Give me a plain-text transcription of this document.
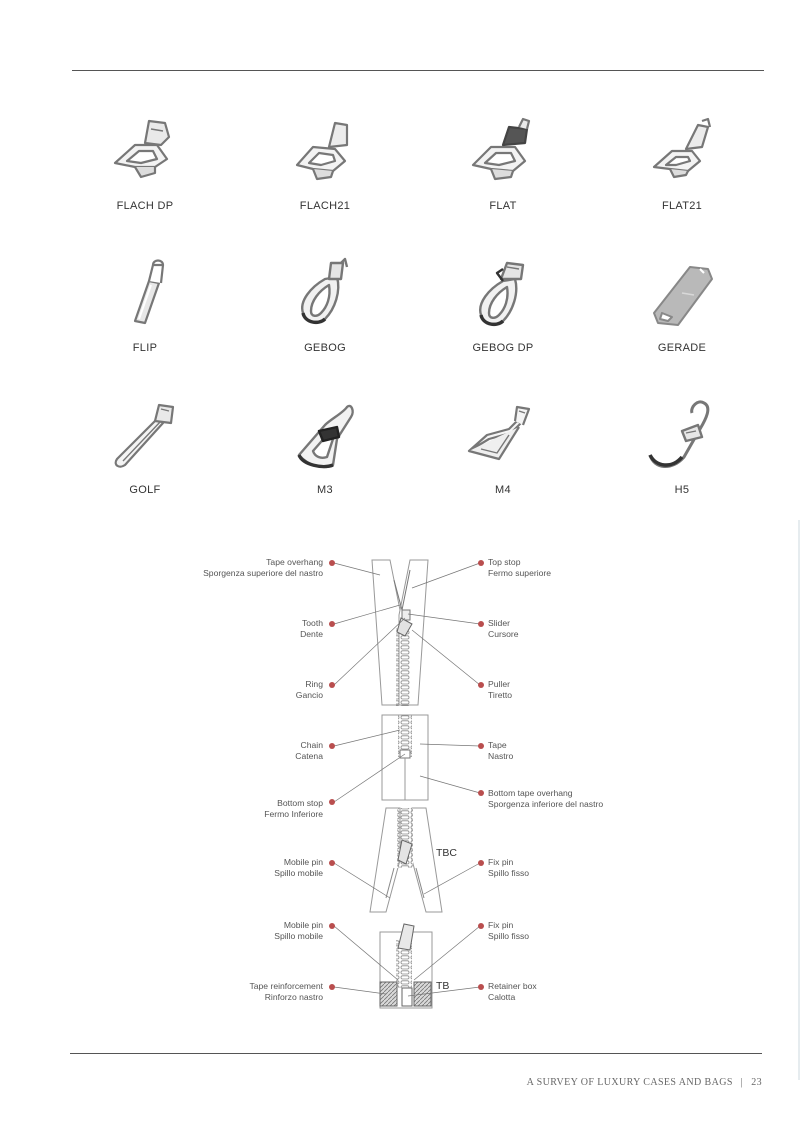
FLACH DP	FLACH21	FLAT	FLAT21
FLIP	GEBOG	GEBOG DP	GERADE
GOLF	M3	M4	H5
Tape overhang
Sporgenza superiore del nastro
Tooth
Dente
Ring
Gancio
Chain
Catena
Bottom stop
Fermo Inferiore
Mobile pin
Spillo mobile
Mobile pin
Spillo mobile
Tape reinforcement
Rinforzo nastro
Top stop
Fermo superiore
Slider
Cursore
Puller
Tiretto
Tape
Nastro
Bottom tape overhang
Sporgenza inferiore del nastro
Fix pin
Spillo fisso
Fix pin
Spillo fisso
Retainer box
Calotta
TBC
TB
A SURVEY OF LUXURY CASES AND BAGS | 23
